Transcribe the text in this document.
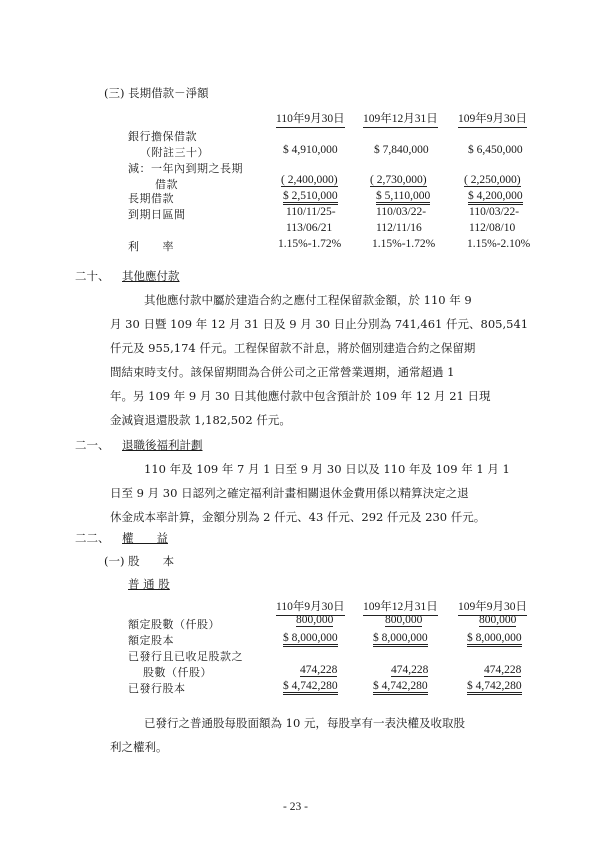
(三) 長期借款－淨額
110年9月30日 109年12月31日 109年9月30日
銀行擔保借款
（附註三十）	$ 4,910,000	$ 7,840,000	$ 6,450,000
減：一年內到期之長期
借款	( 2,400,000)	( 2,730,000)	( 2,250,000)
長期借款	$ 2,510,000	$ 5,110,000	$ 4,200,000
到期日區間	110/11/25-	110/03/22-	110/03/22-
113/06/21	112/11/16	112/08/10
利　　率	1.15%-1.72%	1.15%-1.72%	1.15%-2.10%
二十、 其他應付款
其他應付款中屬於建造合約之應付工程保留款金額，於 110 年 9
月 30 日暨 109 年 12 月 31 日及 9 月 30 日止分別為 741,461 仟元、805,541
仟元及 955,174 仟元。工程保留款不計息，將於個別建造合約之保留期
間結束時支付。該保留期間為合併公司之正常營業週期，通常超過 1
年。另 109 年 9 月 30 日其他應付款中包含預計於 109 年 12 月 21 日現
金減資退還股款 1,182,502 仟元。
二一、 退職後福利計劃
110 年及 109 年 7 月 1 日至 9 月 30 日以及 110 年及 109 年 1 月 1
日至 9 月 30 日認列之確定福利計畫相關退休金費用係以精算決定之退
休金成本率計算，金額分別為 2 仟元、43 仟元、292 仟元及 230 仟元。
二二、 權　　益
(一) 股　　本
普 通 股
110年9月30日 109年12月31日 109年9月30日
額定股數（仟股）	800,000	800,000	800,000
額定股本	$ 8,000,000	$ 8,000,000	$ 8,000,000
已發行且已收足股款之
股數（仟股）	474,228	474,228	474,228
已發行股本	$ 4,742,280	$ 4,742,280	$ 4,742,280
已發行之普通股每股面額為 10 元，每股享有一表決權及收取股
利之權利。
- 23 -
